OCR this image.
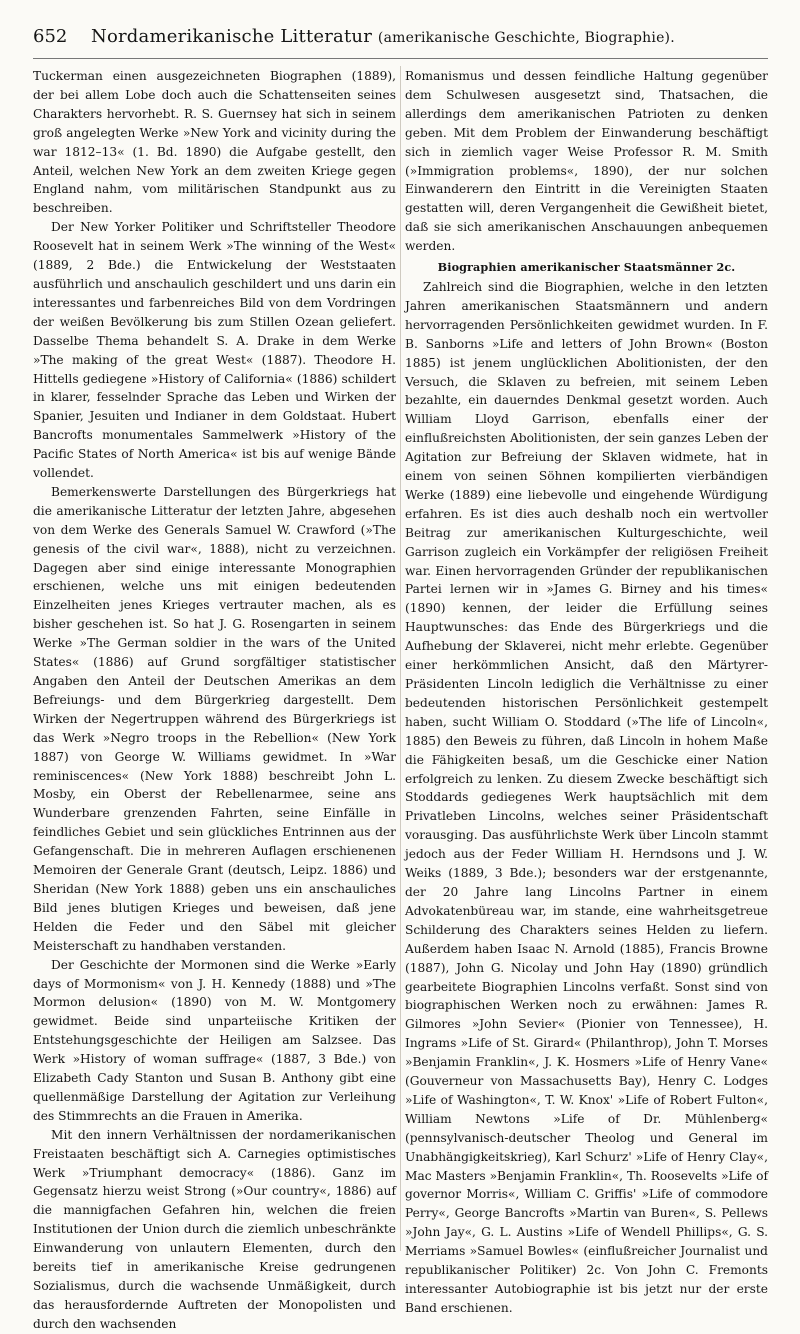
652	Nordamerikanische Litteratur (amerikanische Geschichte, Biographie).

Tuckerman einen ausgezeichneten Biographen (1889), der bei allem Lobe doch auch die Schattenseiten seines Charakters hervorhebt. R. S. Guernsey hat sich in seinem groß angelegten Werke »New York and vicinity during the war 1812–13« (1. Bd. 1890) die Aufgabe gestellt, den Anteil, welchen New York an dem zweiten Kriege gegen England nahm, vom militärischen Standpunkt aus zu beschreiben.

Der New Yorker Politiker und Schriftsteller Theodore Roosevelt hat in seinem Werk »The winning of the West« (1889, 2 Bde.) die Entwickelung der Weststaaten ausführlich und anschaulich geschildert und uns darin ein interessantes und farbenreiches Bild von dem Vordringen der weißen Bevölkerung bis zum Stillen Ozean geliefert. Dasselbe Thema behandelt S. A. Drake in dem Werke »The making of the great West« (1887). Theodore H. Hittells gediegene »History of California« (1886) schildert in klarer, fesselnder Sprache das Leben und Wirken der Spanier, Jesuiten und Indianer in dem Goldstaat. Hubert Bancrofts monumentales Sammelwerk »History of the Pacific States of North America« ist bis auf wenige Bände vollendet.

Bemerkenswerte Darstellungen des Bürgerkriegs hat die amerikanische Litteratur der letzten Jahre, abgesehen von dem Werke des Generals Samuel W. Crawford (»The genesis of the civil war«, 1888), nicht zu verzeichnen. Dagegen aber sind einige interessante Monographien erschienen, welche uns mit einigen bedeutenden Einzelheiten jenes Krieges vertrauter machen, als es bisher geschehen ist. So hat J. G. Rosengarten in seinem Werke »The German soldier in the wars of the United States« (1886) auf Grund sorgfältiger statistischer Angaben den Anteil der Deutschen Amerikas an dem Befreiungs- und dem Bürgerkrieg dargestellt. Dem Wirken der Negertruppen während des Bürgerkriegs ist das Werk »Negro troops in the Rebellion« (New York 1887) von George W. Williams gewidmet. In »War reminiscences« (New York 1888) beschreibt John L. Mosby, ein Oberst der Rebellenarmee, seine ans Wunderbare grenzenden Fahrten, seine Einfälle in feindliches Gebiet und sein glückliches Entrinnen aus der Gefangenschaft. Die in mehreren Auflagen erschienenen Memoiren der Generale Grant (deutsch, Leipz. 1886) und Sheridan (New York 1888) geben uns ein anschauliches Bild jenes blutigen Krieges und beweisen, daß jene Helden die Feder und den Säbel mit gleicher Meisterschaft zu handhaben verstanden.

Der Geschichte der Mormonen sind die Werke »Early days of Mormonism« von J. H. Kennedy (1888) und »The Mormon delusion« (1890) von M. W. Montgomery gewidmet. Beide sind unparteiische Kritiken der Entstehungsgeschichte der Heiligen am Salzsee. Das Werk »History of woman suffrage« (1887, 3 Bde.) von Elizabeth Cady Stanton und Susan B. Anthony gibt eine quellenmäßige Darstellung der Agitation zur Verleihung des Stimmrechts an die Frauen in Amerika.

Mit den innern Verhältnissen der nordamerikanischen Freistaaten beschäftigt sich A. Carnegies optimistisches Werk »Triumphant democracy« (1886). Ganz im Gegensatz hierzu weist Strong (»Our country«, 1886) auf die mannigfachen Gefahren hin, welchen die freien Institutionen der Union durch die ziemlich unbeschränkte Einwanderung von unlautern Elementen, durch den bereits tief in amerikanische Kreise gedrungenen Sozialismus, durch die wachsende Unmäßigkeit, durch das herausfordernde Auftreten der Monopolisten und durch den wachsenden

Romanismus und dessen feindliche Haltung gegenüber dem Schulwesen ausgesetzt sind, Thatsachen, die allerdings dem amerikanischen Patrioten zu denken geben. Mit dem Problem der Einwanderung beschäftigt sich in ziemlich vager Weise Professor R. M. Smith (»Immigration problems«, 1890), der nur solchen Einwanderern den Eintritt in die Vereinigten Staaten gestatten will, deren Vergangenheit die Gewißheit bietet, daß sie sich amerikanischen Anschauungen anbequemen werden.

Biographien amerikanischer Staatsmänner 2c.

Zahlreich sind die Biographien, welche in den letzten Jahren amerikanischen Staatsmännern und andern hervorragenden Persönlichkeiten gewidmet wurden. In F. B. Sanborns »Life and letters of John Brown« (Boston 1885) ist jenem unglücklichen Abolitionisten, der den Versuch, die Sklaven zu befreien, mit seinem Leben bezahlte, ein dauerndes Denkmal gesetzt worden. Auch William Lloyd Garrison, ebenfalls einer der einflußreichsten Abolitionisten, der sein ganzes Leben der Agitation zur Befreiung der Sklaven widmete, hat in einem von seinen Söhnen kompilierten vierbändigen Werke (1889) eine liebevolle und eingehende Würdigung erfahren. Es ist dies auch deshalb noch ein wertvoller Beitrag zur amerikanischen Kulturgeschichte, weil Garrison zugleich ein Vorkämpfer der religiösen Freiheit war. Einen hervorragenden Gründer der republikanischen Partei lernen wir in »James G. Birney and his times« (1890) kennen, der leider die Erfüllung seines Hauptwunsches: das Ende des Bürgerkriegs und die Aufhebung der Sklaverei, nicht mehr erlebte. Gegenüber einer herkömmlichen Ansicht, daß den Märtyrer-Präsidenten Lincoln lediglich die Verhältnisse zu einer bedeutenden historischen Persönlichkeit gestempelt haben, sucht William O. Stoddard (»The life of Lincoln«, 1885) den Beweis zu führen, daß Lincoln in hohem Maße die Fähigkeiten besaß, um die Geschicke einer Nation erfolgreich zu lenken. Zu diesem Zwecke beschäftigt sich Stoddards gediegenes Werk hauptsächlich mit dem Privatleben Lincolns, welches seiner Präsidentschaft vorausging. Das ausführlichste Werk über Lincoln stammt jedoch aus der Feder William H. Herndsons und J. W. Weiks (1889, 3 Bde.); besonders war der erstgenannte, der 20 Jahre lang Lincolns Partner in einem Advokatenbüreau war, im stande, eine wahrheitsgetreue Schilderung des Charakters seines Helden zu liefern. Außerdem haben Isaac N. Arnold (1885), Francis Browne (1887), John G. Nicolay und John Hay (1890) gründlich gearbeitete Biographien Lincolns verfaßt. Sonst sind von biographischen Werken noch zu erwähnen: James R. Gilmores »John Sevier« (Pionier von Tennessee), H. Ingrams »Life of St. Girard« (Philanthrop), John T. Morses »Benjamin Franklin«, J. K. Hosmers »Life of Henry Vane« (Gouverneur von Massachusetts Bay), Henry C. Lodges »Life of Washington«, T. W. Knox' »Life of Robert Fulton«, William Newtons »Life of Dr. Mühlenberg« (pennsylvanisch-deutscher Theolog und General im Unabhängigkeitskrieg), Karl Schurz' »Life of Henry Clay«, Mac Masters »Benjamin Franklin«, Th. Roosevelts »Life of governor Morris«, William C. Griffis' »Life of commodore Perry«, George Bancrofts »Martin van Buren«, S. Pellews »John Jay«, G. L. Austins »Life of Wendell Phillips«, G. S. Merriams »Samuel Bowles« (einflußreicher Journalist und republikanischer Politiker) 2c. Von John C. Fremonts interessanter Autobiographie ist bis jetzt nur der erste Band erschienen.
